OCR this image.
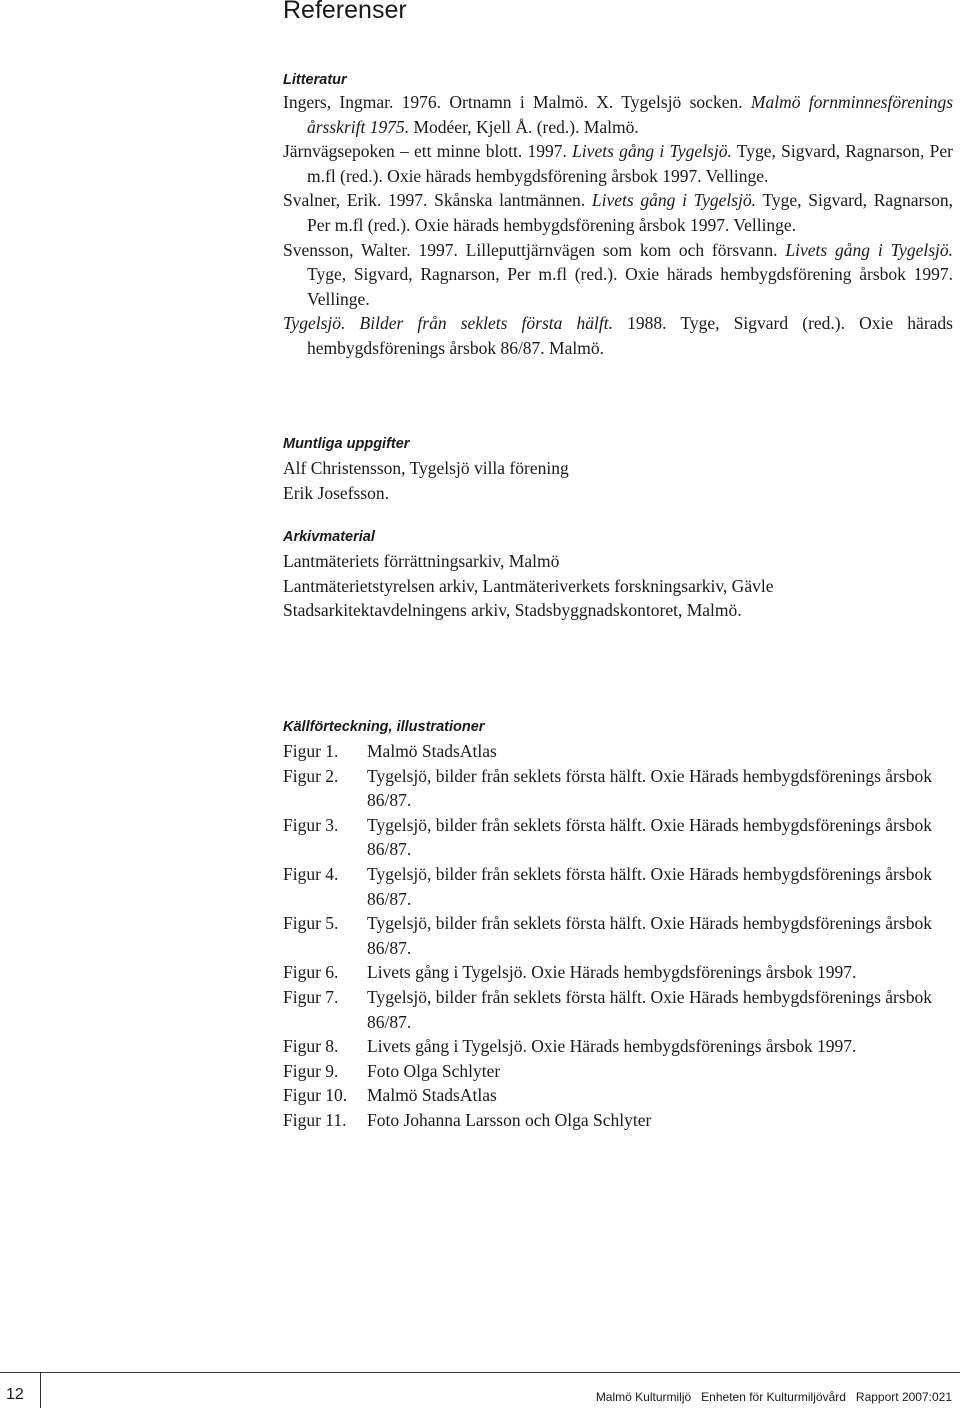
Referenser
Litteratur
Ingers, Ingmar. 1976. Ortnamn i Malmö. X. Tygelsjö socken. Malmö fornminnesförenings årsskrift 1975. Modéer, Kjell Å. (red.). Malmö.
Järnvägsepoken – ett minne blott. 1997. Livets gång i Tygelsjö. Tyge, Sigvard, Ragnarson, Per m.fl (red.). Oxie härads hembygdsförening årsbok 1997. Vellinge.
Svalner, Erik. 1997. Skånska lantmännen. Livets gång i Tygelsjö. Tyge, Sigvard, Ragnarson, Per m.fl (red.). Oxie härads hembygdsförening årsbok 1997. Vellinge.
Svensson, Walter. 1997. Lilleputtjärnvägen som kom och försvann. Livets gång i Tygelsjö. Tyge, Sigvard, Ragnarson, Per m.fl (red.). Oxie härads hembygdsförening årsbok 1997. Vellinge.
Tygelsjö. Bilder från seklets första hälft. 1988. Tyge, Sigvard (red.). Oxie härads hembygdsförenings årsbok 86/87. Malmö.
Muntliga uppgifter
Alf Christensson, Tygelsjö villa förening
Erik Josefsson.
Arkivmaterial
Lantmäteriets förrättningsarkiv, Malmö
Lantmäterietstyrelsen arkiv, Lantmäteriverkets forskningsarkiv, Gävle
Stadsarkitektavdelningens arkiv, Stadsbyggnadskontoret, Malmö.
Källförteckning, illustrationer
Figur 1.	Malmö StadsAtlas
Figur 2.	Tygelsjö, bilder från seklets första hälft. Oxie Härads hembygdsförenings årsbok 86/87.
Figur 3.	Tygelsjö, bilder från seklets första hälft. Oxie Härads hembygdsförenings årsbok 86/87.
Figur 4.	Tygelsjö, bilder från seklets första hälft. Oxie Härads hembygdsförenings årsbok 86/87.
Figur 5.	Tygelsjö, bilder från seklets första hälft. Oxie Härads hembygdsförenings årsbok 86/87.
Figur 6.	Livets gång i Tygelsjö. Oxie Härads hembygdsförenings årsbok 1997.
Figur 7.	Tygelsjö, bilder från seklets första hälft. Oxie Härads hembygdsförenings årsbok 86/87.
Figur 8.	Livets gång i Tygelsjö. Oxie Härads hembygdsförenings årsbok 1997.
Figur 9.	Foto Olga Schlyter
Figur 10.	Malmö StadsAtlas
Figur 11.	Foto Johanna Larsson och Olga Schlyter
12	Malmö Kulturmiljö Enheten för Kulturmiljövård Rapport 2007:021
